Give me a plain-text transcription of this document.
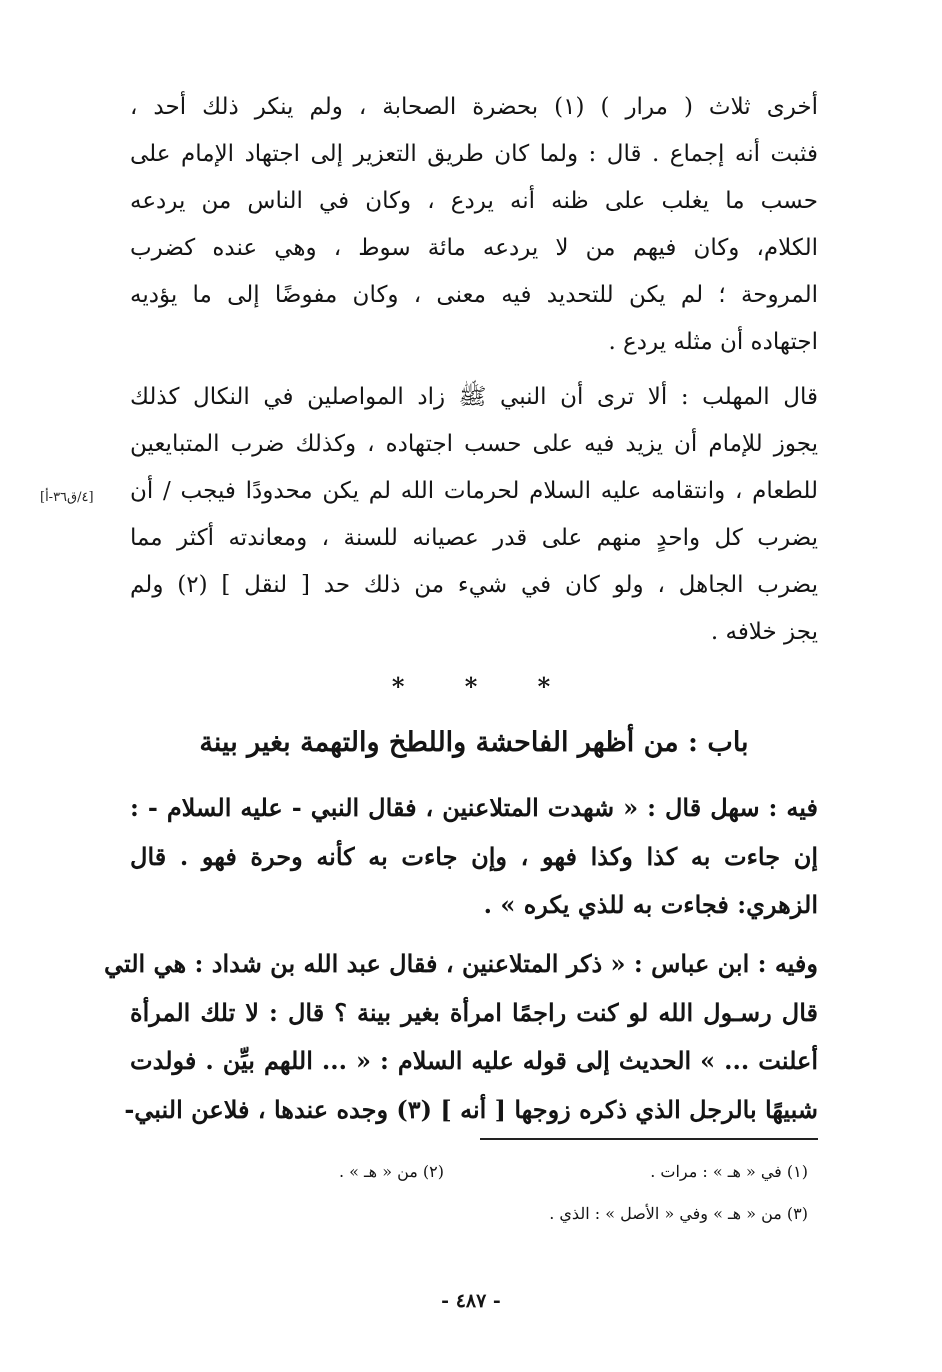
أخرى ثلاث ( مرار ) (١) بحضرة الصحابة ، ولم ينكر ذلك أحد ،
فثبت أنه إجماع . قال : ولما كان طريق التعزير إلى اجتهاد الإمام على
حسب ما يغلب على ظنه أنه يردع ، وكان في الناس من يردعه
الكلام، وكان فيهم من لا يردعه مائة سوط ، وهي عنده كضرب
المروحة ؛ لم يكن للتحديد فيه معنى ، وكان مفوضًا إلى ما يؤديه
اجتهاده أن مثله يردع .
قال المهلب : ألا ترى أن النبي ﷺ زاد المواصلين في النكال كذلك
يجوز للإمام أن يزيد فيه على حسب اجتهاده ، وكذلك ضرب المتبايعين
للطعام ، وانتقامه عليه السلام لحرمات الله لم يكن محدودًا فيجب / أن
يضرب كل واحدٍ منهم على قدر عصيانه للسنة ، ومعاندته أكثر مما
يضرب الجاهل ، ولو كان في شيء من ذلك حد [ لنقل ] (٢) ولم
يجز خلافه .
[٤/ق٣٦-أ]
* * *
باب : من أظهر الفاحشة واللطخ والتهمة بغير بينة
فيه : سهل قال : « شهدت المتلاعنين ، فقال النبي - عليه السلام - :
إن جاءت به كذا وكذا فهو ، وإن جاءت به كأنه وحرة فهو . قال
الزهري: فجاءت به للذي يكره » .
وفيه : ابن عباس : « ذكر المتلاعنين ، فقال عبد الله بن شداد : هي التي
قال رسـول الله لو كنت راجمًا امرأة بغير بينة ؟ قال : لا تلك المرأة
أعلنت ... » الحديث إلى قوله عليه السلام : « ... اللهم بيِّن . فولدت
شبيهًا بالرجل الذي ذكره زوجها [ أنه ] (٣) وجده عندها ، فلاعن النبي-
(١) في « هـ » : مرات .
(٢) من « هـ » .
(٣) من « هـ » وفي « الأصل » : الذي .
- ٤٨٧ -
